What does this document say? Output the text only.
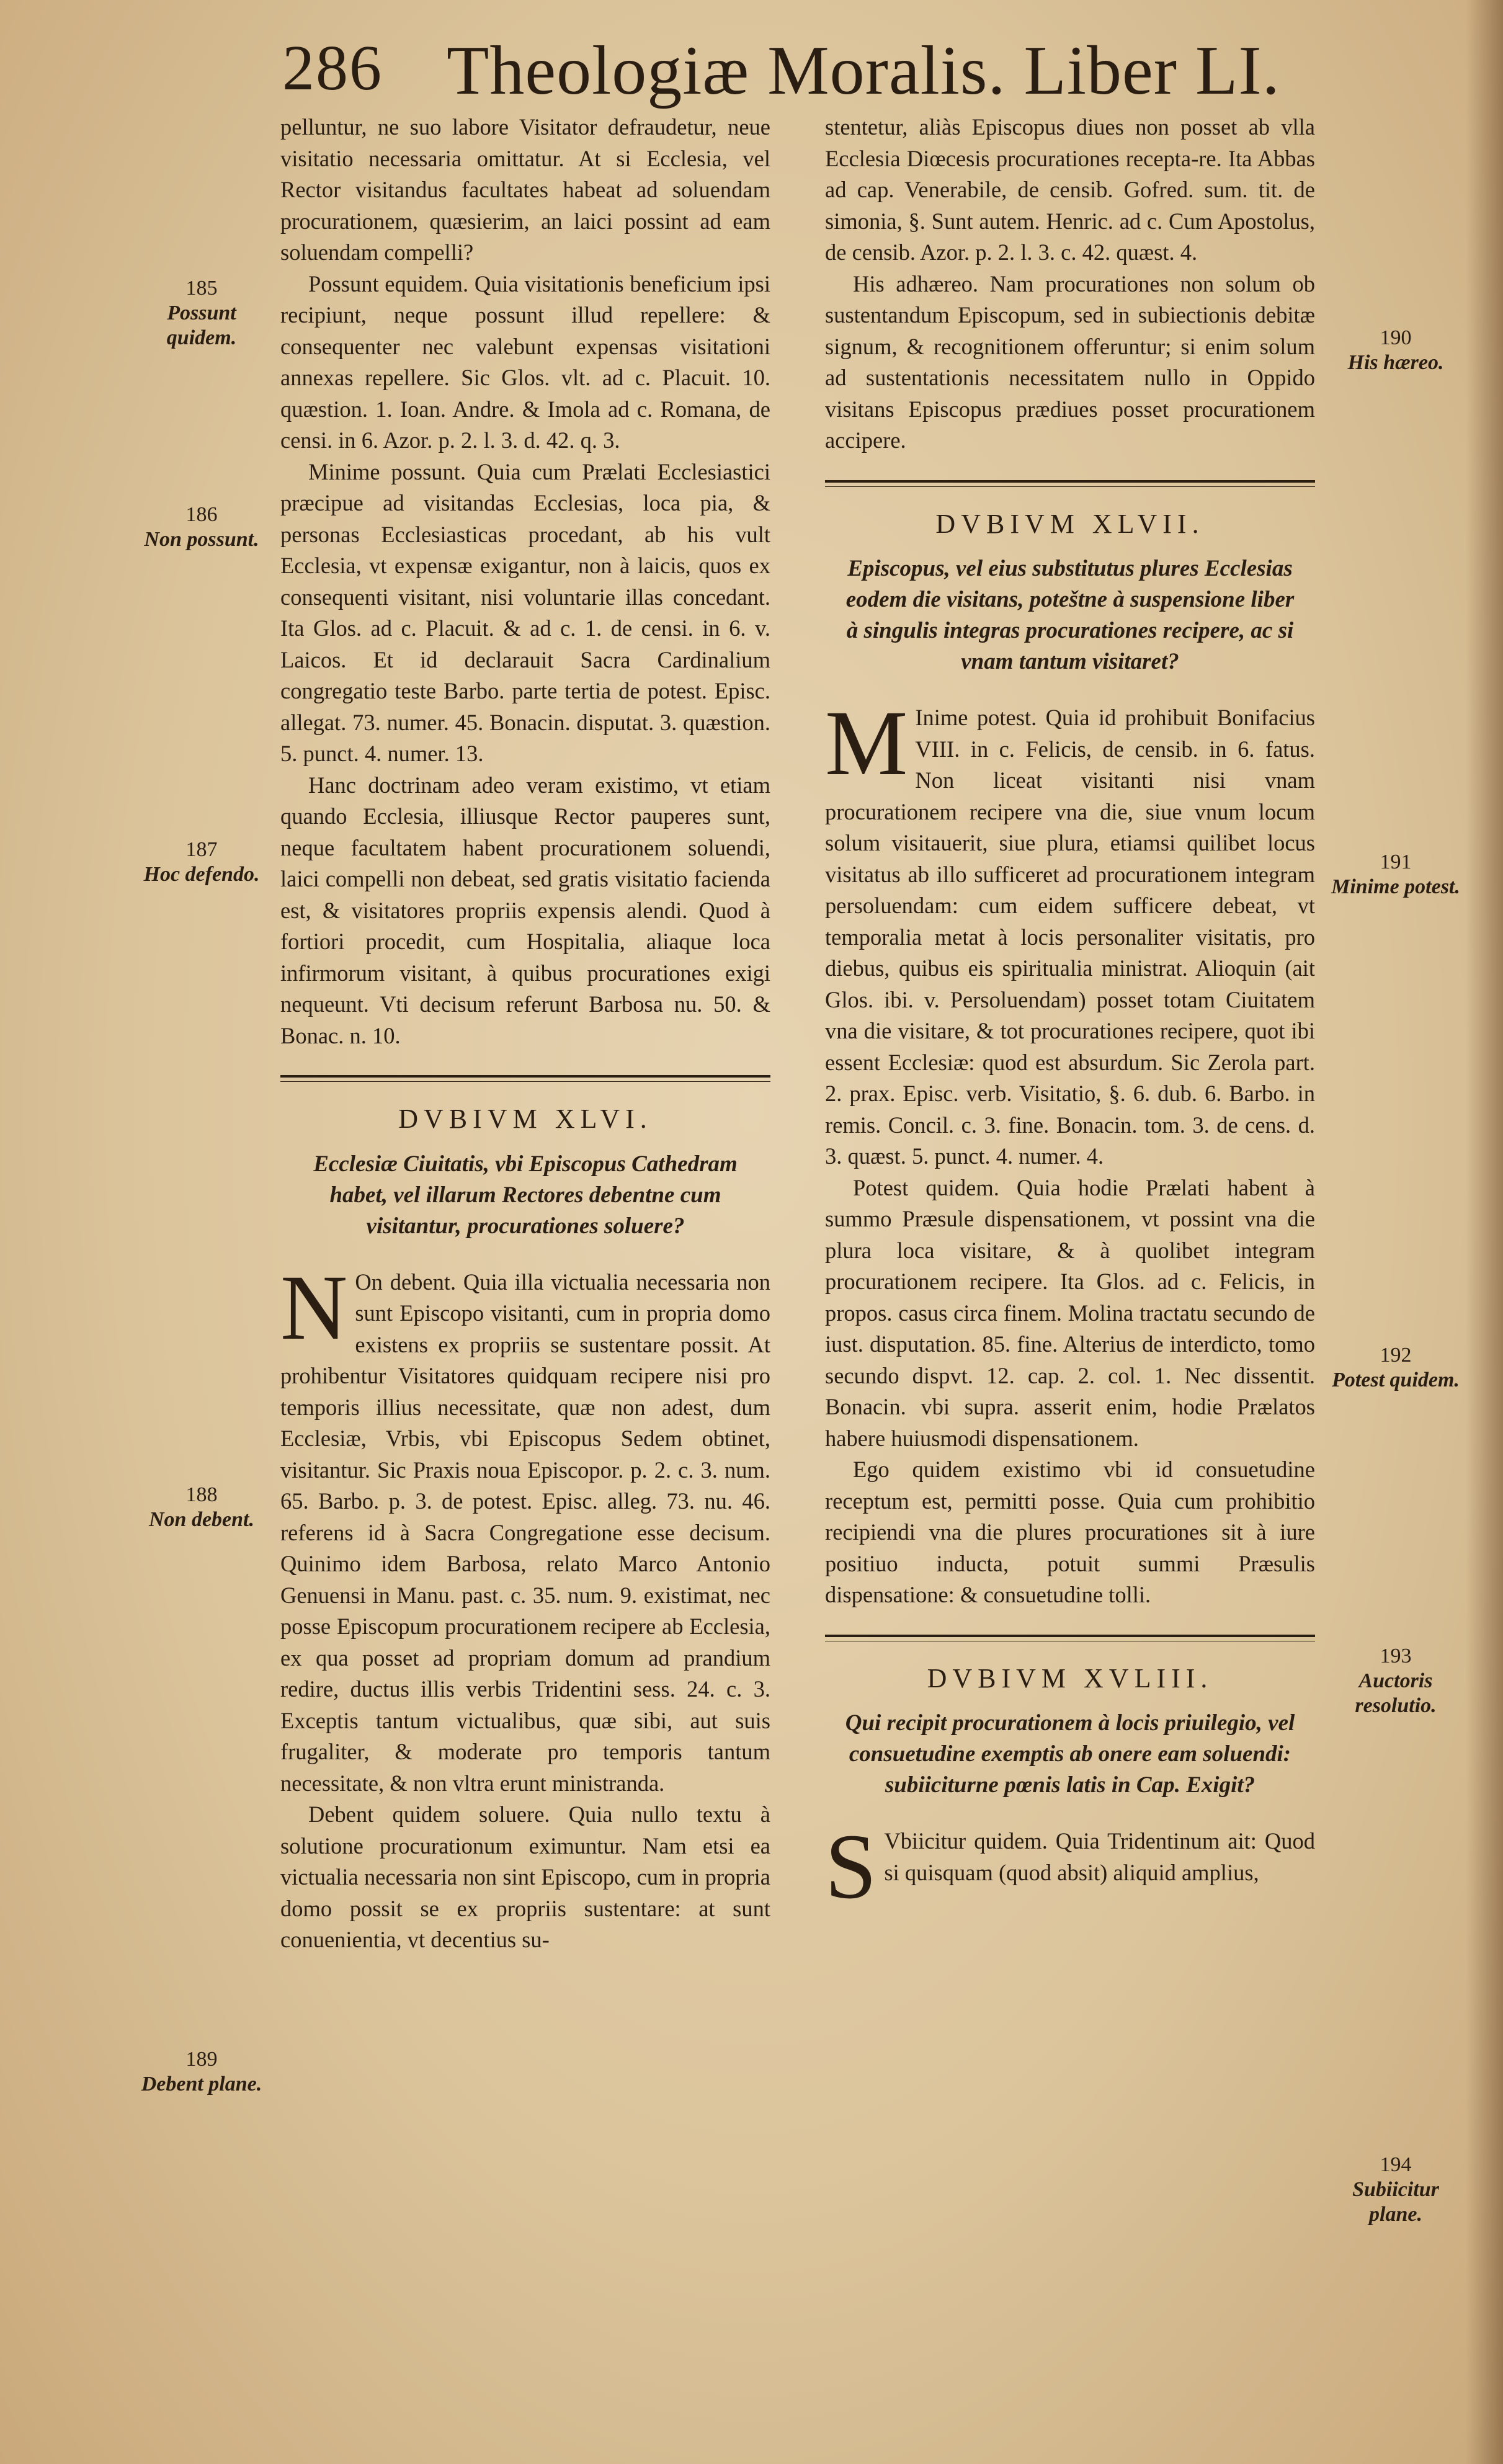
286 Theologiæ Moralis. Liber LI.

pelluntur, ne suo labore Visitator defraudetur, neue visitatio necessaria omittatur. At si Ecclesia, vel Rector visitandus facultates habeat ad soluendam procurationem, quæsierim, an laici possint ad eam soluendam compelli?

Possunt equidem. Quia visitationis beneficium ipsi recipiunt, neque possunt illud repellere: & consequenter nec valebunt expensas visitationi annexas repellere. Sic Glos. vlt. ad c. Placuit. 10. quæstion. 1. Ioan. Andre. & Imola ad c. Romana, de censi. in 6. Azor. p. 2. l. 3. d. 42. q. 3.

Minime possunt. Quia cum Prælati Ecclesiastici præcipue ad visitandas Ecclesias, loca pia, & personas Ecclesiasticas procedant, ab his vult Ecclesia, vt expensæ exigantur, non à laicis, quos ex consequenti visitant, nisi voluntarie illas concedant. Ita Glos. ad c. Placuit. & ad c. 1. de censi. in 6. v. Laicos. Et id declarauit Sacra Cardinalium congregatio teste Barbo. parte tertia de potest. Episc. allegat. 73. numer. 45. Bonacin. disputat. 3. quæstion. 5. punct. 4. numer. 13.

Hanc doctrinam adeo veram existimo, vt etiam quando Ecclesia, illiusque Rector pauperes sunt, neque facultatem habent procurationem soluendi, laici compelli non debeat, sed gratis visitatio facienda est, & visitatores propriis expensis alendi. Quod à fortiori procedit, cum Hospitalia, aliaque loca infirmorum visitant, à quibus procurationes exigi nequeunt. Vti decisum referunt Barbosa nu. 50. & Bonac. n. 10.

DVBIVM XLVI.
Ecclesiæ Ciuitatis, vbi Episcopus Cathedram habet, vel illarum Rectores debentne cum visitantur, procurationes soluere?

N On debent. Quia illa victualia necessaria non sunt Episcopo visitanti, cum in propria domo existens ex propriis se sustentare possit. At prohibentur Visitatores quidquam recipere nisi pro temporis illius necessitate, quæ non adest, dum Ecclesiæ, Vrbis, vbi Episcopus Sedem obtinet, visitantur. Sic Praxis noua Episcopor. p. 2. c. 3. num. 65. Barbo. p. 3. de potest. Episc. alleg. 73. nu. 46. referens id à Sacra Congregatione esse decisum. Quinimo idem Barbosa, relato Marco Antonio Genuensi in Manu. past. c. 35. num. 9. existimat, nec posse Episcopum procurationem recipere ab Ecclesia, ex qua posset ad propriam domum ad prandium redire, ductus illis verbis Tridentini sess. 24. c. 3. Exceptis tantum victualibus, quæ sibi, aut suis frugaliter, & moderate pro temporis tantum necessitate, & non vltra erunt ministranda.

Debent quidem soluere. Quia nullo textu à solutione procurationum eximuntur. Nam etsi ea victualia necessaria non sint Episcopo, cum in propria domo possit se ex propriis sustentare: at sunt conuenientia, vt decentius su-

stentetur, aliàs Episcopus diues non posset ab vlla Ecclesia Diœcesis procurationes recepta-re. Ita Abbas ad cap. Venerabile, de censib. Gofred. sum. tit. de simonia, §. Sunt autem. Henric. ad c. Cum Apostolus, de censib. Azor. p. 2. l. 3. c. 42. quæst. 4.

His adhæreo. Nam procurationes non solum ob sustentandum Episcopum, sed in subiectionis debitæ signum, & recognitionem offeruntur; si enim solum ad sustentationis necessitatem nullo in Oppido visitans Episcopus prædiues posset procurationem accipere.

DVBIVM XLVII.
Episcopus, vel eius substitutus plures Ecclesias eodem die visitans, poteštne à suspensione liber à singulis integras procurationes recipere, ac si vnam tantum visitaret?

M Inime potest. Quia id prohibuit Bonifacius VIII. in c. Felicis, de censib. in 6. fatus. Non liceat visitanti nisi vnam procurationem recipere vna die, siue vnum locum solum visitauerit, siue plura, etiamsi quilibet locus visitatus ab illo sufficeret ad procurationem integram persoluendam: cum eidem sufficere debeat, vt temporalia metat à locis personaliter visitatis, pro diebus, quibus eis spiritualia ministrat. Alioquin (ait Glos. ibi. v. Persoluendam) posset totam Ciuitatem vna die visitare, & tot procurationes recipere, quot ibi essent Ecclesiæ: quod est absurdum. Sic Zerola part. 2. prax. Episc. verb. Visitatio, §. 6. dub. 6. Barbo. in remis. Concil. c. 3. fine. Bonacin. tom. 3. de cens. d. 3. quæst. 5. punct. 4. numer. 4.

Potest quidem. Quia hodie Prælati habent à summo Præsule dispensationem, vt possint vna die plura loca visitare, & à quolibet integram procurationem recipere. Ita Glos. ad c. Felicis, in propos. casus circa finem. Molina tractatu secundo de iust. disputation. 85. fine. Alterius de interdicto, tomo secundo dispvt. 12. cap. 2. col. 1. Nec dissentit. Bonacin. vbi supra. asserit enim, hodie Prælatos habere huiusmodi dispensationem.

Ego quidem existimo vbi id consuetudine receptum est, permitti posse. Quia cum prohibitio recipiendi vna die plures procurationes sit à iure positiuo inducta, potuit summi Præsulis dispensatione: & consuetudine tolli.

DVBIVM XVLIII.
Qui recipit procurationem à locis priuilegio, vel consuetudine exemptis ab onere eam soluendi: subiiciturne pœnis latis in Cap. Exigit?

S Vbiicitur quidem. Quia Tridentinum ait: Quod si quisquam (quod absit) aliquid amplius,

185
Possunt quidem.
186
Non possunt.
187
Hoc defendo.
188
Non debent.
189
Debent plane.
190
His hæreo.
191
Minime potest.
192
Potest quidem.
193
Auctoris resolutio.
194
Subiicitur plane.
